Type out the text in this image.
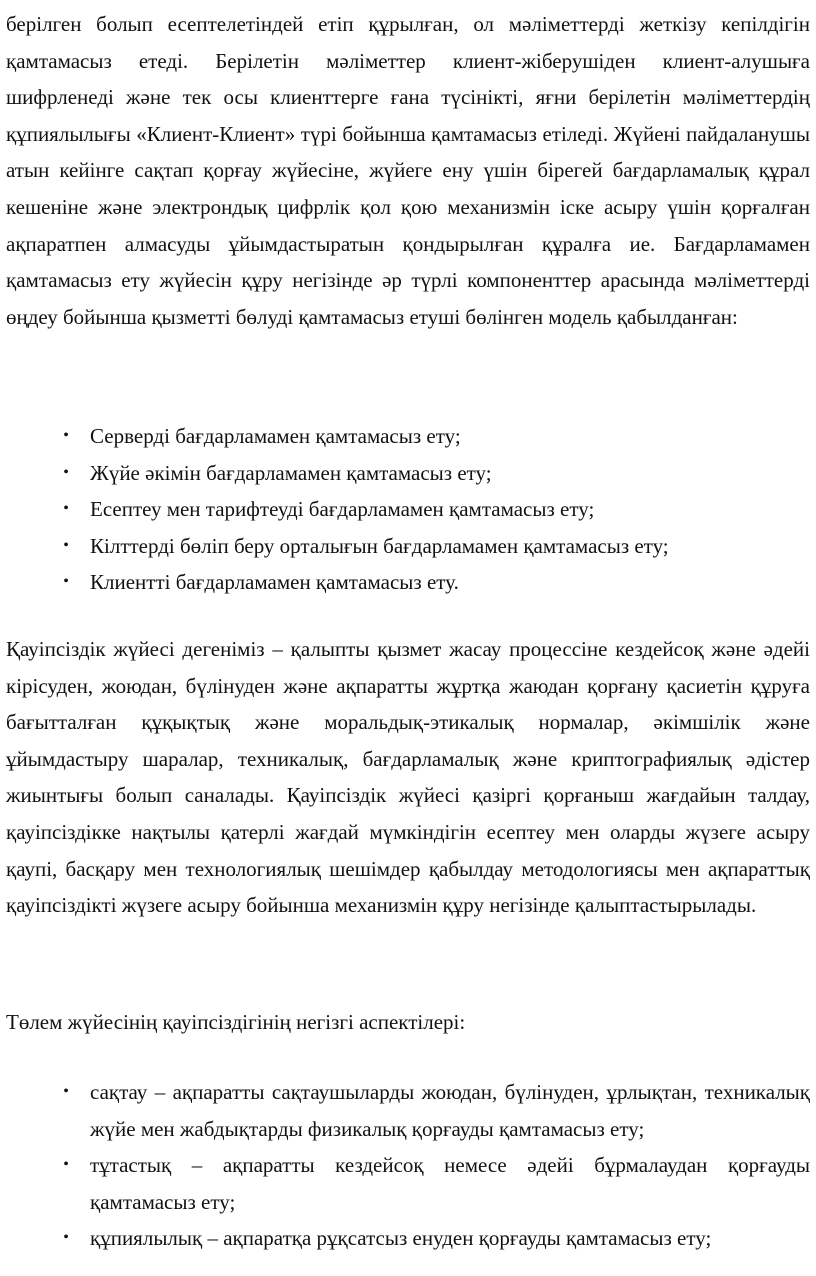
берілген болып есептелетіндей етіп құрылған, ол мәліметтерді жеткізу кепілдігін қамтамасыз етеді. Берілетін мәліметтер клиент-жіберушіден клиент-алушыға шифрленеді және тек осы клиенттерге ғана түсінікті, яғни берілетін мәліметтердің құпиялылығы «Клиент-Клиент» түрі бойынша қамтамасыз етіледі. Жүйені пайдаланушы атын кейінге сақтап қорғау жүйесіне, жүйеге ену үшін бірегей бағдарламалық құрал кешеніне және электрондық цифрлік қол қою механизмін іске асыру үшін қорғалған ақпаратпен алмасуды ұйымдастыратын қондырылған құралға ие. Бағдарламамен қамтамасыз ету жүйесін құру негізінде әр түрлі компоненттер арасында мәліметтерді өңдеу бойынша қызметті бөлуді қамтамасыз етуші бөлінген модель қабылданған:

•	Серверді бағдарламамен қамтамасыз ету;
•	Жүйе әкімін бағдарламамен қамтамасыз ету;
•	Есептеу мен тарифтеуді бағдарламамен қамтамасыз ету;
•	Кілттерді бөліп беру орталығын бағдарламамен қамтамасыз ету;
•	Клиентті бағдарламамен қамтамасыз ету.

Қауіпсіздік жүйесі дегеніміз – қалыпты қызмет жасау процессіне кездейсоқ және әдейі кірісуден, жоюдан, бүлінуден және ақпаратты жұртқа жаюдан қорғану қасиетін құруға бағытталған құқықтық және моральдық-этикалық нормалар, әкімшілік және ұйымдастыру шаралар, техникалық, бағдарламалық және криптографиялық әдістер жиынтығы болып саналады. Қауіпсіздік жүйесі қазіргі қорғаныш жағдайын талдау, қауіпсіздікке нақтылы қатерлі жағдай мүмкіндігін есептеу мен оларды жүзеге асыру қаупі, басқару мен технологиялық шешімдер қабылдау методологиясы мен ақпараттық қауіпсіздікті жүзеге асыру бойынша механизмін құру негізінде қалыптастырылады.

Төлем жүйесінің қауіпсіздігінің негізгі аспектілері:

•	сақтау – ақпаратты сақтаушыларды жоюдан, бүлінуден, ұрлықтан, техникалық жүйе мен жабдықтарды физикалық қорғауды қамтамасыз ету;
•	тұтастық – ақпаратты кездейсоқ немесе әдейі бұрмалаудан қорғауды қамтамасыз ету;
•	құпиялылық – ақпаратқа рұқсатсыз енуден қорғауды қамтамасыз ету;
